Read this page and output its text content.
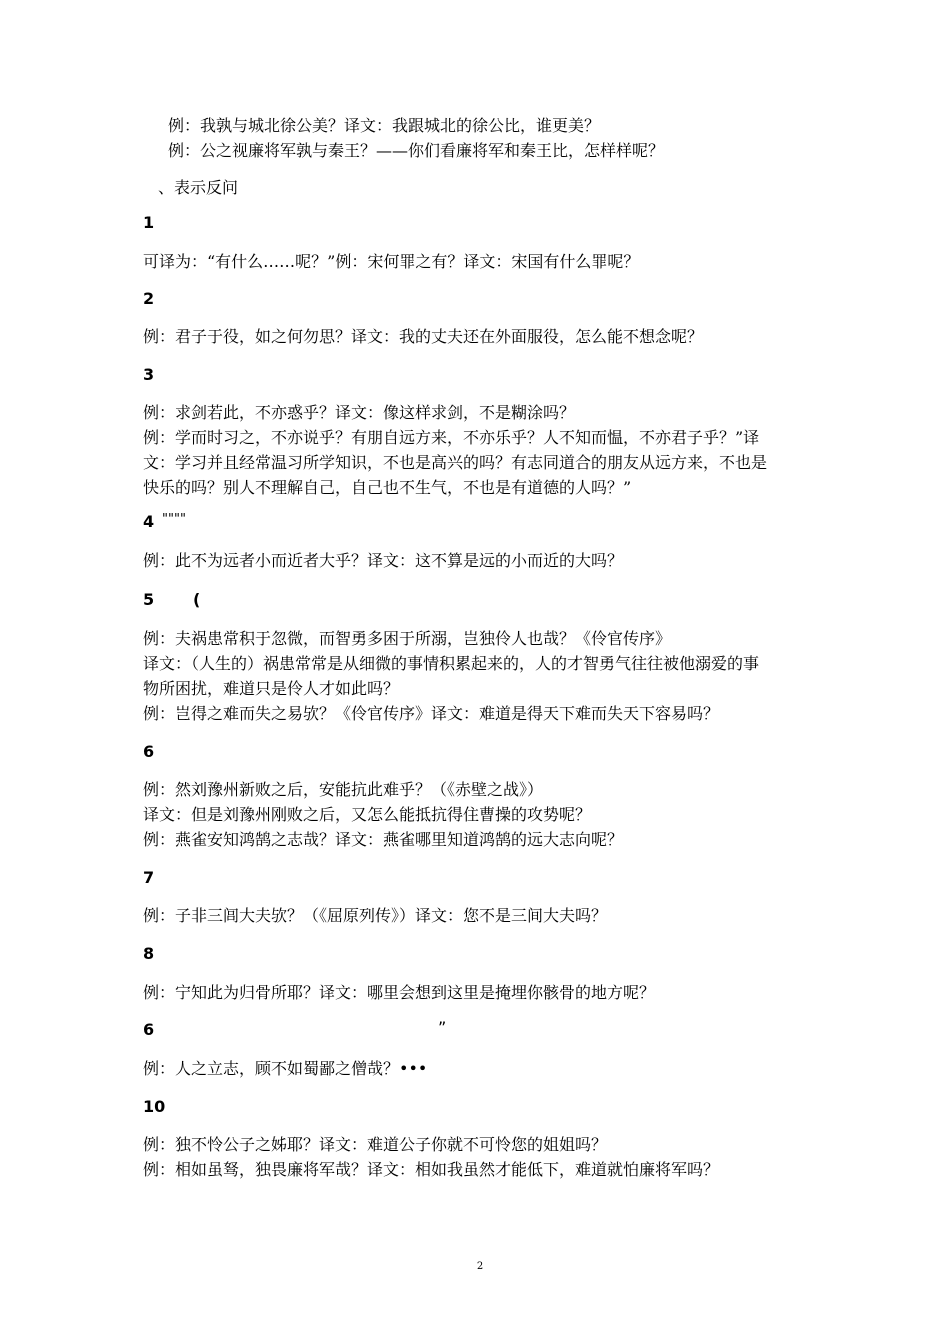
例：我孰与城北徐公美？译文：我跟城北的徐公比，谁更美？
例：公之视廉将军孰与秦王？——你们看廉将军和秦王比，怎样样呢？
、表示反问
1
可译为：“有什么……呢？”例：宋何罪之有？译文：宋国有什么罪呢？
2
例：君子于役，如之何勿思？译文：我的丈夫还在外面服役，怎么能不想念呢？
3
例：求剑若此，不亦惑乎？译文：像这样求剑，不是糊涂吗？
例：学而时习之，不亦说乎？有朋自远方来，不亦乐乎？人不知而愠，不亦君子乎？”译
文：学习并且经常温习所学知识，不也是高兴的吗？有志同道合的朋友从远方来，不也是
快乐的吗？别人不理解自己，自己也不生气，不也是有道德的人吗？”
4 """"
例：此不为远者小而近者大乎？译文：这不算是远的小而近的大吗？
5 (
例：夫祸患常积于忽微，而智勇多困于所溺，岂独伶人也哉？《伶官传序》
译文：（人生的）祸患常常是从细微的事情积累起来的，人的才智勇气往往被他溺爱的事
物所困扰，难道只是伶人才如此吗？
例：岂得之难而失之易欤？《伶官传序》译文：难道是得天下难而失天下容易吗？
6
例：然刘豫州新败之后，安能抗此难乎？（《赤壁之战》）
译文：但是刘豫州刚败之后，又怎么能抵抗得住曹操的攻势呢？
例：燕雀安知鸿鹄之志哉？译文：燕雀哪里知道鸿鹄的远大志向呢？
7
例：子非三闾大夫欤？（《屈原列传》）译文：您不是三间大夫吗？
8
例：宁知此为归骨所耶？译文：哪里会想到这里是掩埋你骸骨的地方呢？
6	”
例：人之立志，顾不如蜀鄙之僧哉？•••
10
例：独不怜公子之姊耶？译文：难道公子你就不可怜您的姐姐吗？
例：相如虽驽，独畏廉将军哉？译文：相如我虽然才能低下，难道就怕廉将军吗？
2
